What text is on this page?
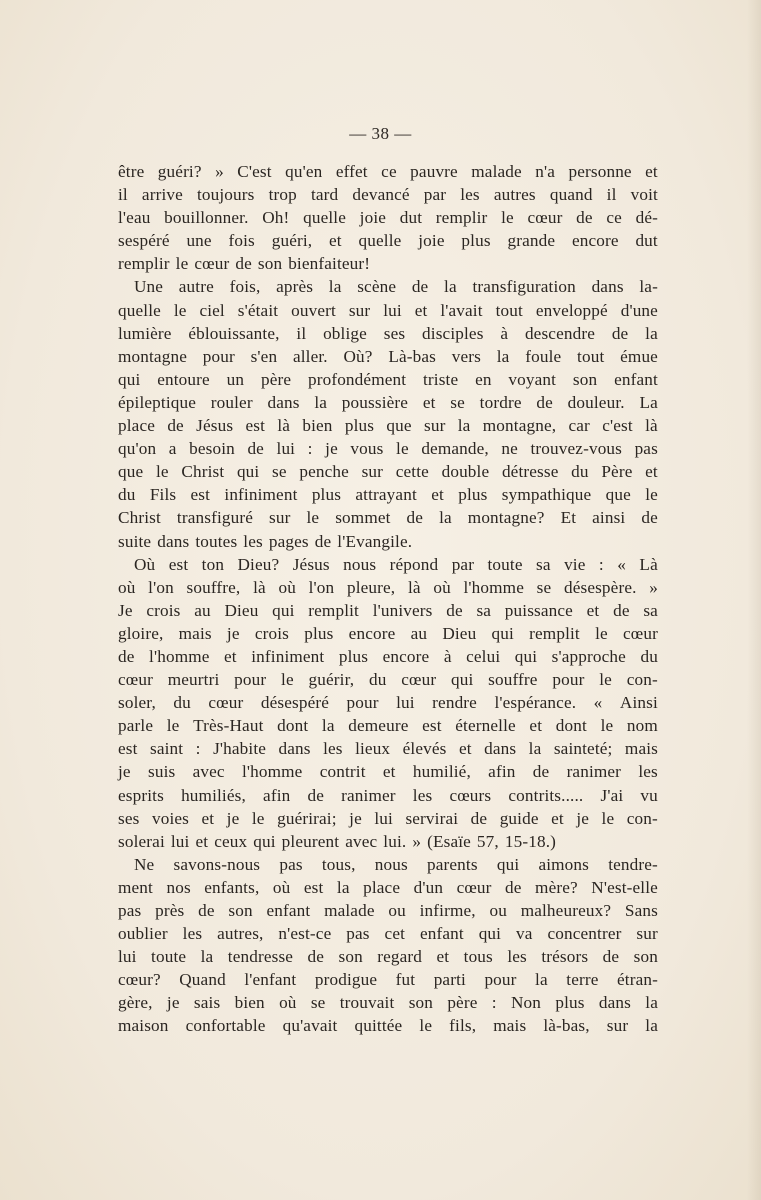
— 38 —
être guéri? » C'est qu'en effet ce pauvre malade n'a personne et
il arrive toujours trop tard devancé par les autres quand il voit
l'eau bouillonner. Oh! quelle joie dut remplir le cœur de ce dé-
sespéré une fois guéri, et quelle joie plus grande encore dut
remplir le cœur de son bienfaiteur!
Une autre fois, après la scène de la transfiguration dans la-
quelle le ciel s'était ouvert sur lui et l'avait tout enveloppé d'une
lumière éblouissante, il oblige ses disciples à descendre de la
montagne pour s'en aller. Où? Là-bas vers la foule tout émue
qui entoure un père profondément triste en voyant son enfant
épileptique rouler dans la poussière et se tordre de douleur. La
place de Jésus est là bien plus que sur la montagne, car c'est là
qu'on a besoin de lui : je vous le demande, ne trouvez-vous pas
que le Christ qui se penche sur cette double détresse du Père et
du Fils est infiniment plus attrayant et plus sympathique que le
Christ transfiguré sur le sommet de la montagne? Et ainsi de
suite dans toutes les pages de l'Evangile.
Où est ton Dieu? Jésus nous répond par toute sa vie : « Là
où l'on souffre, là où l'on pleure, là où l'homme se désespère. »
Je crois au Dieu qui remplit l'univers de sa puissance et de sa
gloire, mais je crois plus encore au Dieu qui remplit le cœur
de l'homme et infiniment plus encore à celui qui s'approche du
cœur meurtri pour le guérir, du cœur qui souffre pour le con-
soler, du cœur désespéré pour lui rendre l'espérance. « Ainsi
parle le Très-Haut dont la demeure est éternelle et dont le nom
est saint : J'habite dans les lieux élevés et dans la sainteté; mais
je suis avec l'homme contrit et humilié, afin de ranimer les
esprits humiliés, afin de ranimer les cœurs contrits..... J'ai vu
ses voies et je le guérirai; je lui servirai de guide et je le con-
solerai lui et ceux qui pleurent avec lui. » (Esaïe 57, 15-18.)
Ne savons-nous pas tous, nous parents qui aimons tendre-
ment nos enfants, où est la place d'un cœur de mère? N'est-elle
pas près de son enfant malade ou infirme, ou malheureux? Sans
oublier les autres, n'est-ce pas cet enfant qui va concentrer sur
lui toute la tendresse de son regard et tous les trésors de son
cœur? Quand l'enfant prodigue fut parti pour la terre étran-
gère, je sais bien où se trouvait son père : Non plus dans la
maison confortable qu'avait quittée le fils, mais là-bas, sur la
